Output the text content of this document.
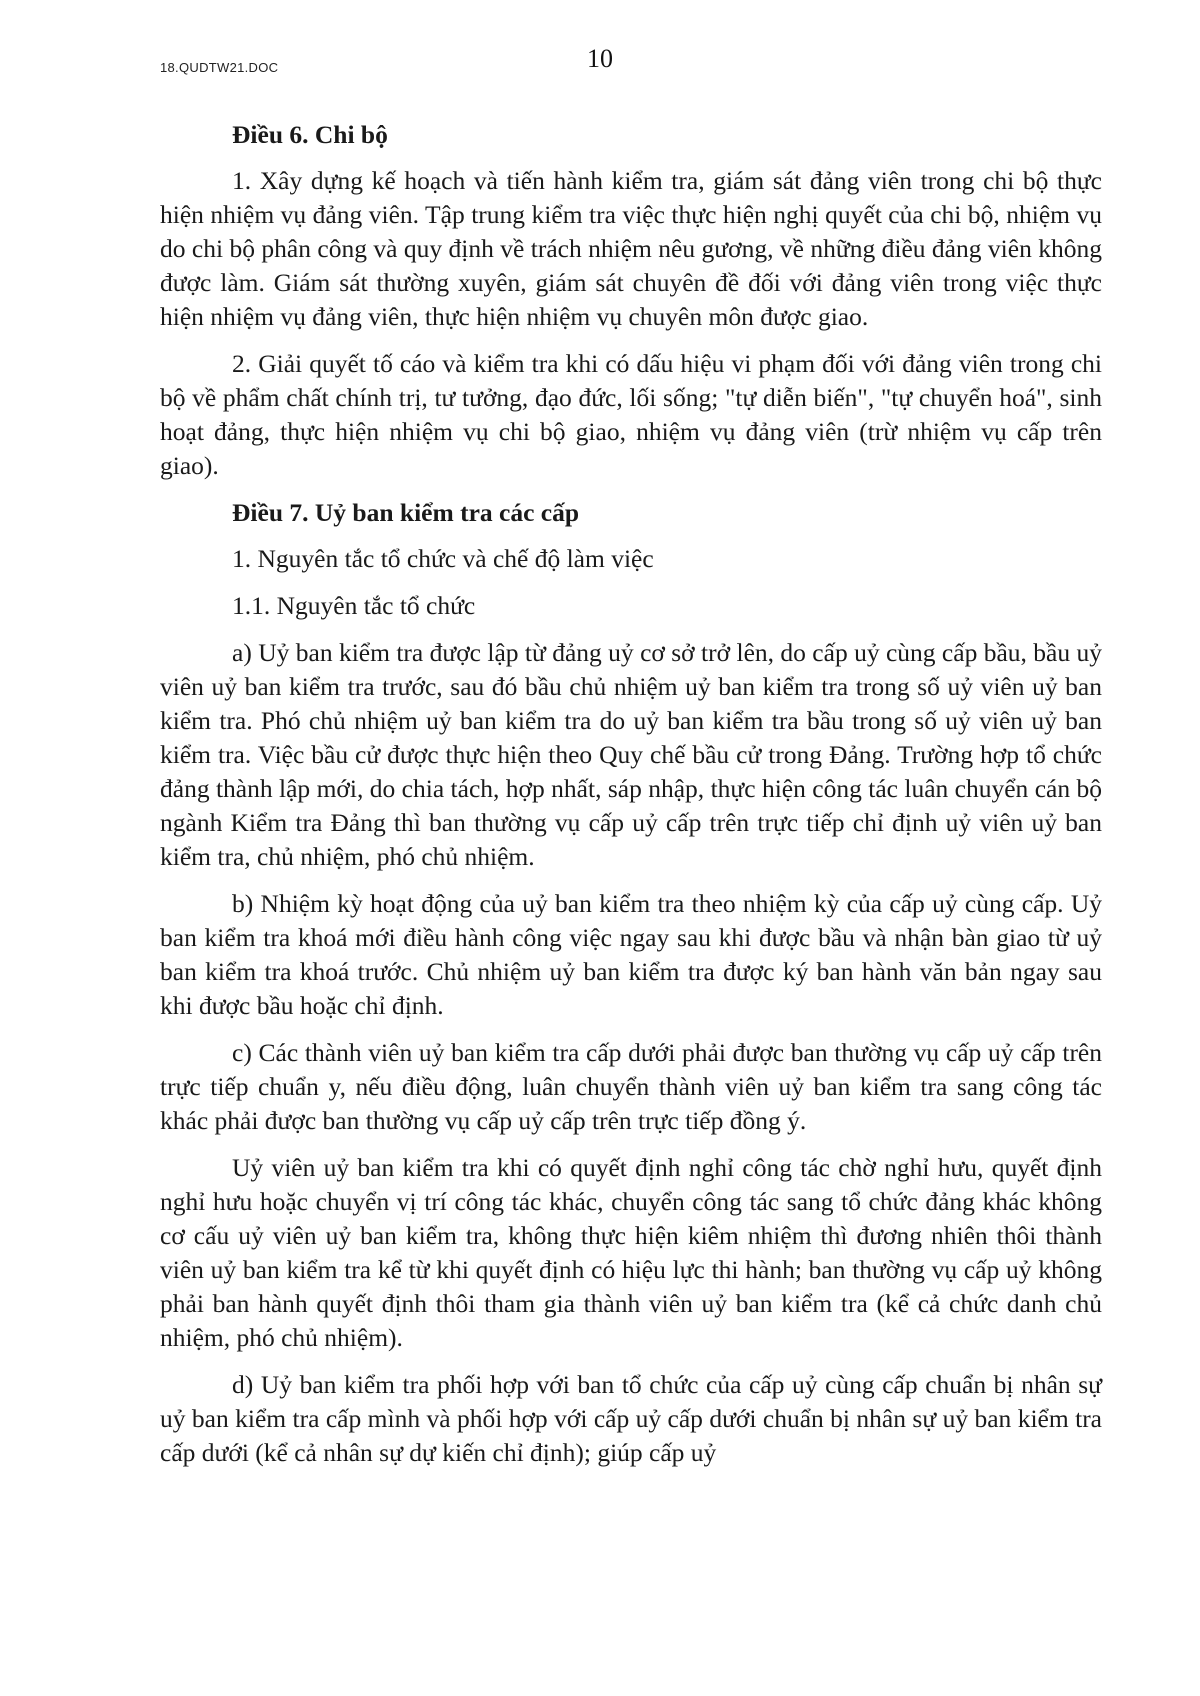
18.QUDTW21.DOC	10

Điều 6. Chi bộ

1. Xây dựng kế hoạch và tiến hành kiểm tra, giám sát đảng viên trong chi bộ thực hiện nhiệm vụ đảng viên. Tập trung kiểm tra việc thực hiện nghị quyết của chi bộ, nhiệm vụ do chi bộ phân công và quy định về trách nhiệm nêu gương, về những điều đảng viên không được làm. Giám sát thường xuyên, giám sát chuyên đề đối với đảng viên trong việc thực hiện nhiệm vụ đảng viên, thực hiện nhiệm vụ chuyên môn được giao.

2. Giải quyết tố cáo và kiểm tra khi có dấu hiệu vi phạm đối với đảng viên trong chi bộ về phẩm chất chính trị, tư tưởng, đạo đức, lối sống; "tự diễn biến", "tự chuyển hoá", sinh hoạt đảng, thực hiện nhiệm vụ chi bộ giao, nhiệm vụ đảng viên (trừ nhiệm vụ cấp trên giao).

Điều 7. Uỷ ban kiểm tra các cấp

1. Nguyên tắc tổ chức và chế độ làm việc

1.1. Nguyên tắc tổ chức

a) Uỷ ban kiểm tra được lập từ đảng uỷ cơ sở trở lên, do cấp uỷ cùng cấp bầu, bầu uỷ viên uỷ ban kiểm tra trước, sau đó bầu chủ nhiệm uỷ ban kiểm tra trong số uỷ viên uỷ ban kiểm tra. Phó chủ nhiệm uỷ ban kiểm tra do uỷ ban kiểm tra bầu trong số uỷ viên uỷ ban kiểm tra. Việc bầu cử được thực hiện theo Quy chế bầu cử trong Đảng. Trường hợp tổ chức đảng thành lập mới, do chia tách, hợp nhất, sáp nhập, thực hiện công tác luân chuyển cán bộ ngành Kiểm tra Đảng thì ban thường vụ cấp uỷ cấp trên trực tiếp chỉ định uỷ viên uỷ ban kiểm tra, chủ nhiệm, phó chủ nhiệm.

b) Nhiệm kỳ hoạt động của uỷ ban kiểm tra theo nhiệm kỳ của cấp uỷ cùng cấp. Uỷ ban kiểm tra khoá mới điều hành công việc ngay sau khi được bầu và nhận bàn giao từ uỷ ban kiểm tra khoá trước. Chủ nhiệm uỷ ban kiểm tra được ký ban hành văn bản ngay sau khi được bầu hoặc chỉ định.

c) Các thành viên uỷ ban kiểm tra cấp dưới phải được ban thường vụ cấp uỷ cấp trên trực tiếp chuẩn y, nếu điều động, luân chuyển thành viên uỷ ban kiểm tra sang công tác khác phải được ban thường vụ cấp uỷ cấp trên trực tiếp đồng ý.

Uỷ viên uỷ ban kiểm tra khi có quyết định nghỉ công tác chờ nghỉ hưu, quyết định nghỉ hưu hoặc chuyển vị trí công tác khác, chuyển công tác sang tổ chức đảng khác không cơ cấu uỷ viên uỷ ban kiểm tra, không thực hiện kiêm nhiệm thì đương nhiên thôi thành viên uỷ ban kiểm tra kể từ khi quyết định có hiệu lực thi hành; ban thường vụ cấp uỷ không phải ban hành quyết định thôi tham gia thành viên uỷ ban kiểm tra (kể cả chức danh chủ nhiệm, phó chủ nhiệm).

d) Uỷ ban kiểm tra phối hợp với ban tổ chức của cấp uỷ cùng cấp chuẩn bị nhân sự uỷ ban kiểm tra cấp mình và phối hợp với cấp uỷ cấp dưới chuẩn bị nhân sự uỷ ban kiểm tra cấp dưới (kể cả nhân sự dự kiến chỉ định); giúp cấp uỷ
